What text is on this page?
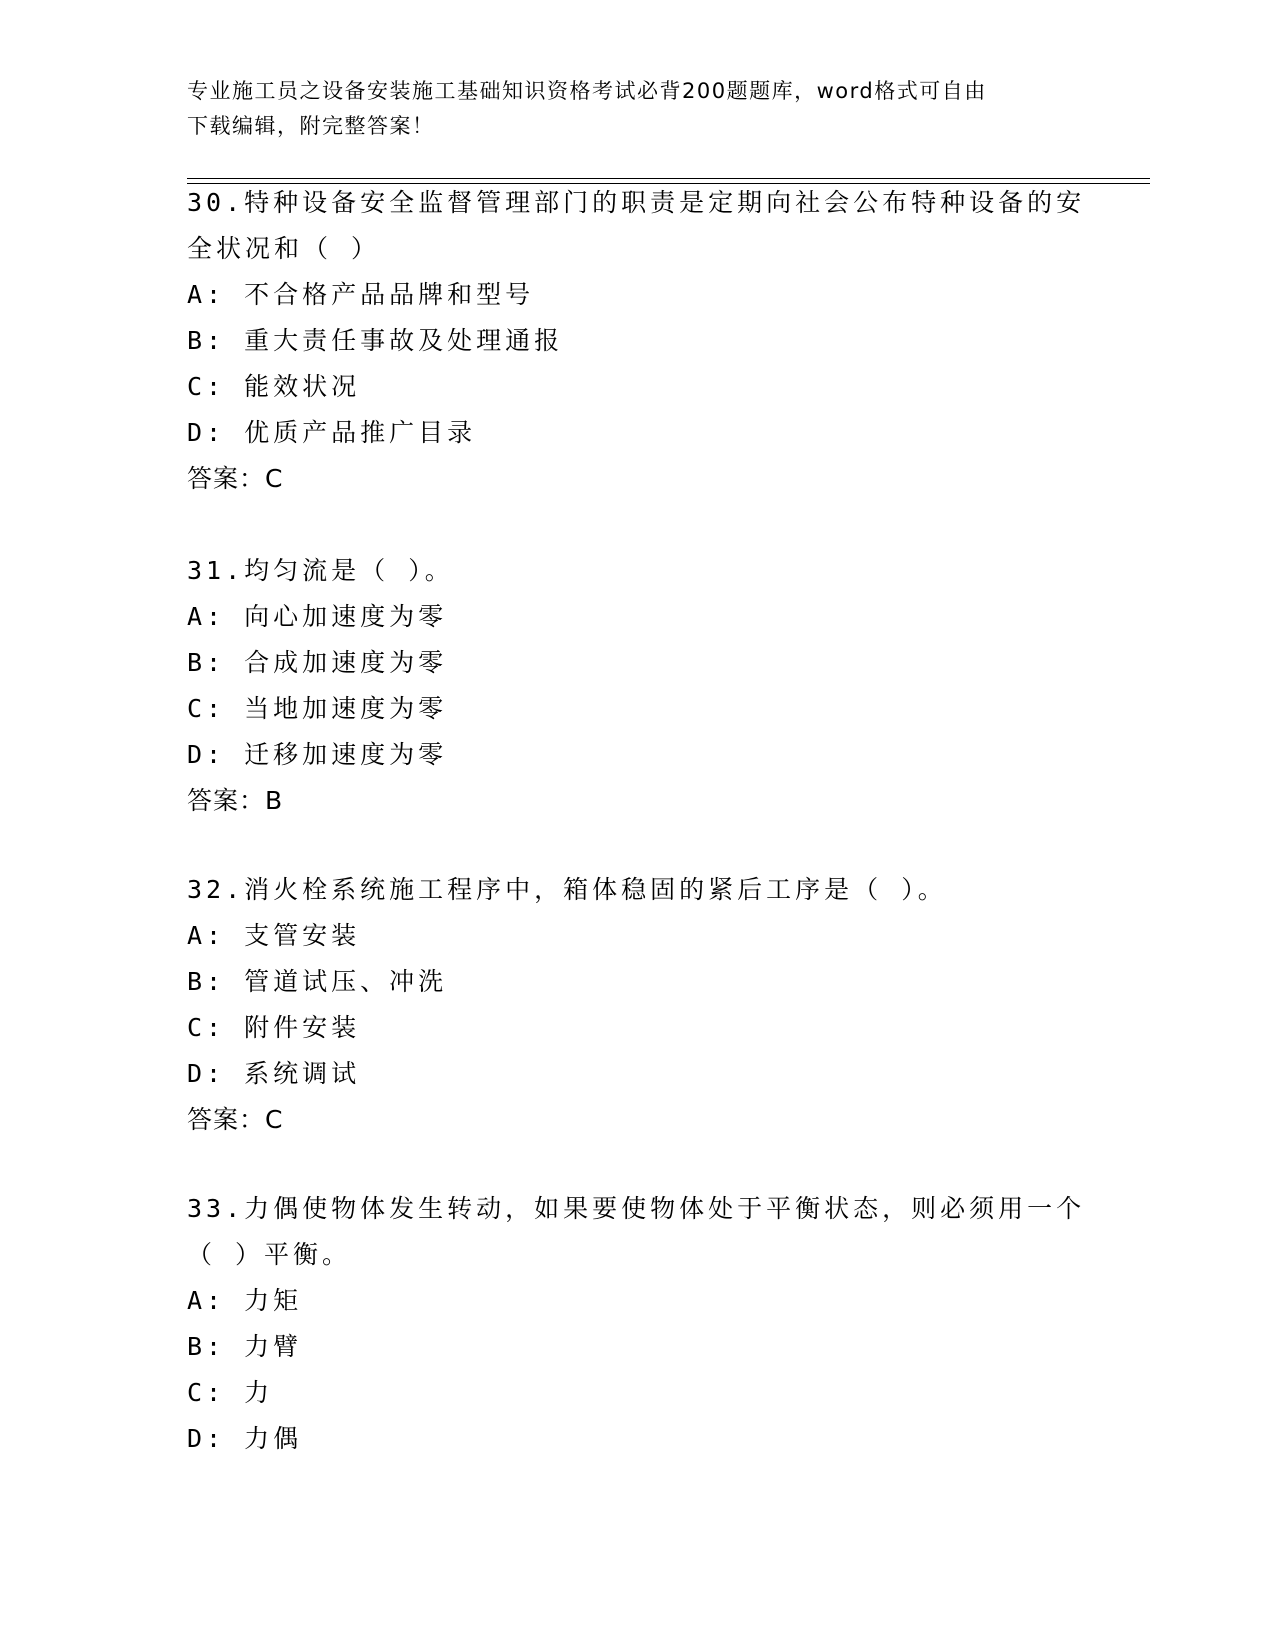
专业施工员之设备安装施工基础知识资格考试必背200题题库，word格式可自由
下载编辑，附完整答案！
30.特种设备安全监督管理部门的职责是定期向社会公布特种设备的安
全状况和（ ）
A: 不合格产品品牌和型号
B: 重大责任事故及处理通报
C: 能效状况
D: 优质产品推广目录
答案：C
31.均匀流是（ ）。
A: 向心加速度为零
B: 合成加速度为零
C: 当地加速度为零
D: 迁移加速度为零
答案：B
32.消火栓系统施工程序中，箱体稳固的紧后工序是（ ）。
A: 支管安装
B: 管道试压、冲洗
C: 附件安装
D: 系统调试
答案：C
33.力偶使物体发生转动，如果要使物体处于平衡状态，则必须用一个
（ ）平衡。
A: 力矩
B: 力臂
C: 力
D: 力偶
